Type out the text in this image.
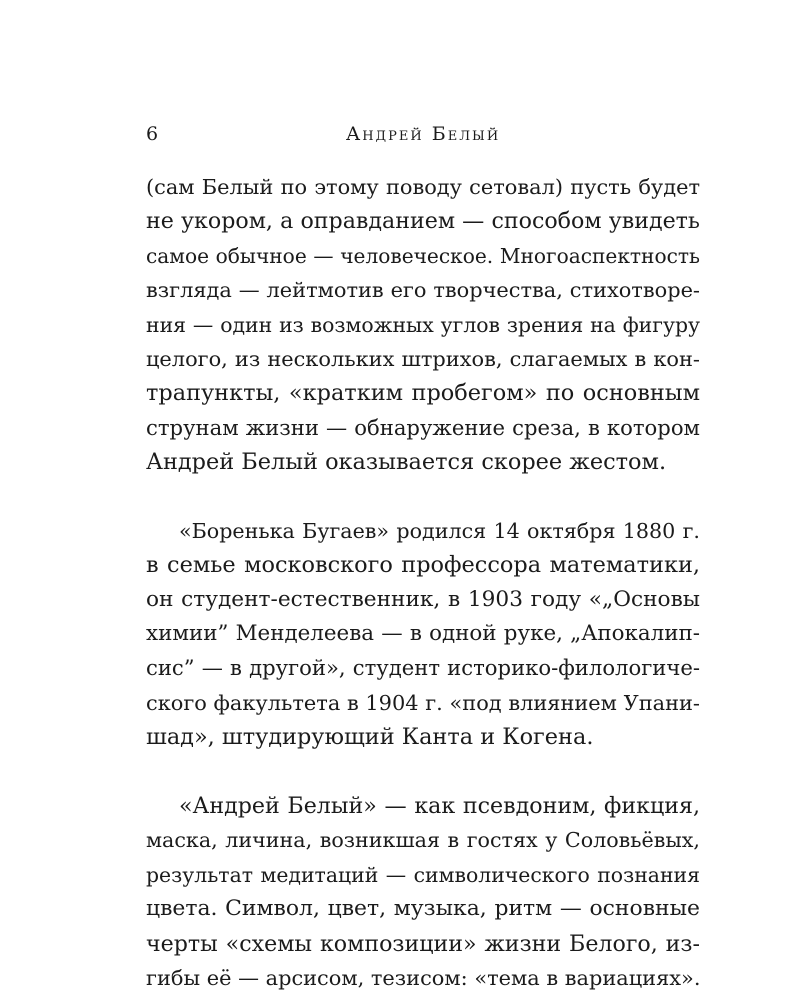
6	Андрей Белый
(сам Белый по этому поводу сетовал) пусть будет
не укором, а оправданием — способом увидеть
самое обычное — человеческое. Многоаспектность
взгляда — лейтмотив его творчества, стихотворе-
ния — один из возможных углов зрения на фигуру
целого, из нескольких штрихов, слагаемых в кон-
трапункты, «кратким пробегом» по основным
струнам жизни — обнаружение среза, в котором
Андрей Белый оказывается скорее жестом.
«Боренька Бугаев» родился 14 октября 1880 г.
в семье московского профессора математики,
он студент-естественник, в 1903 году «„Основы
химии” Менделеева — в одной руке, „Апокалип-
сис” — в другой», студент историко-филологиче-
ского факультета в 1904 г. «под влиянием Упани-
шад», штудирующий Канта и Когена.
«Андрей Белый» — как псевдоним, фикция,
маска, личина, возникшая в гостях у Соловьёвых,
результат медитаций — символического познания
цвета. Символ, цвет, музыка, ритм — основные
черты «схемы композиции» жизни Белого, из-
гибы её — арсисом, тезисом: «тема в вариациях».
